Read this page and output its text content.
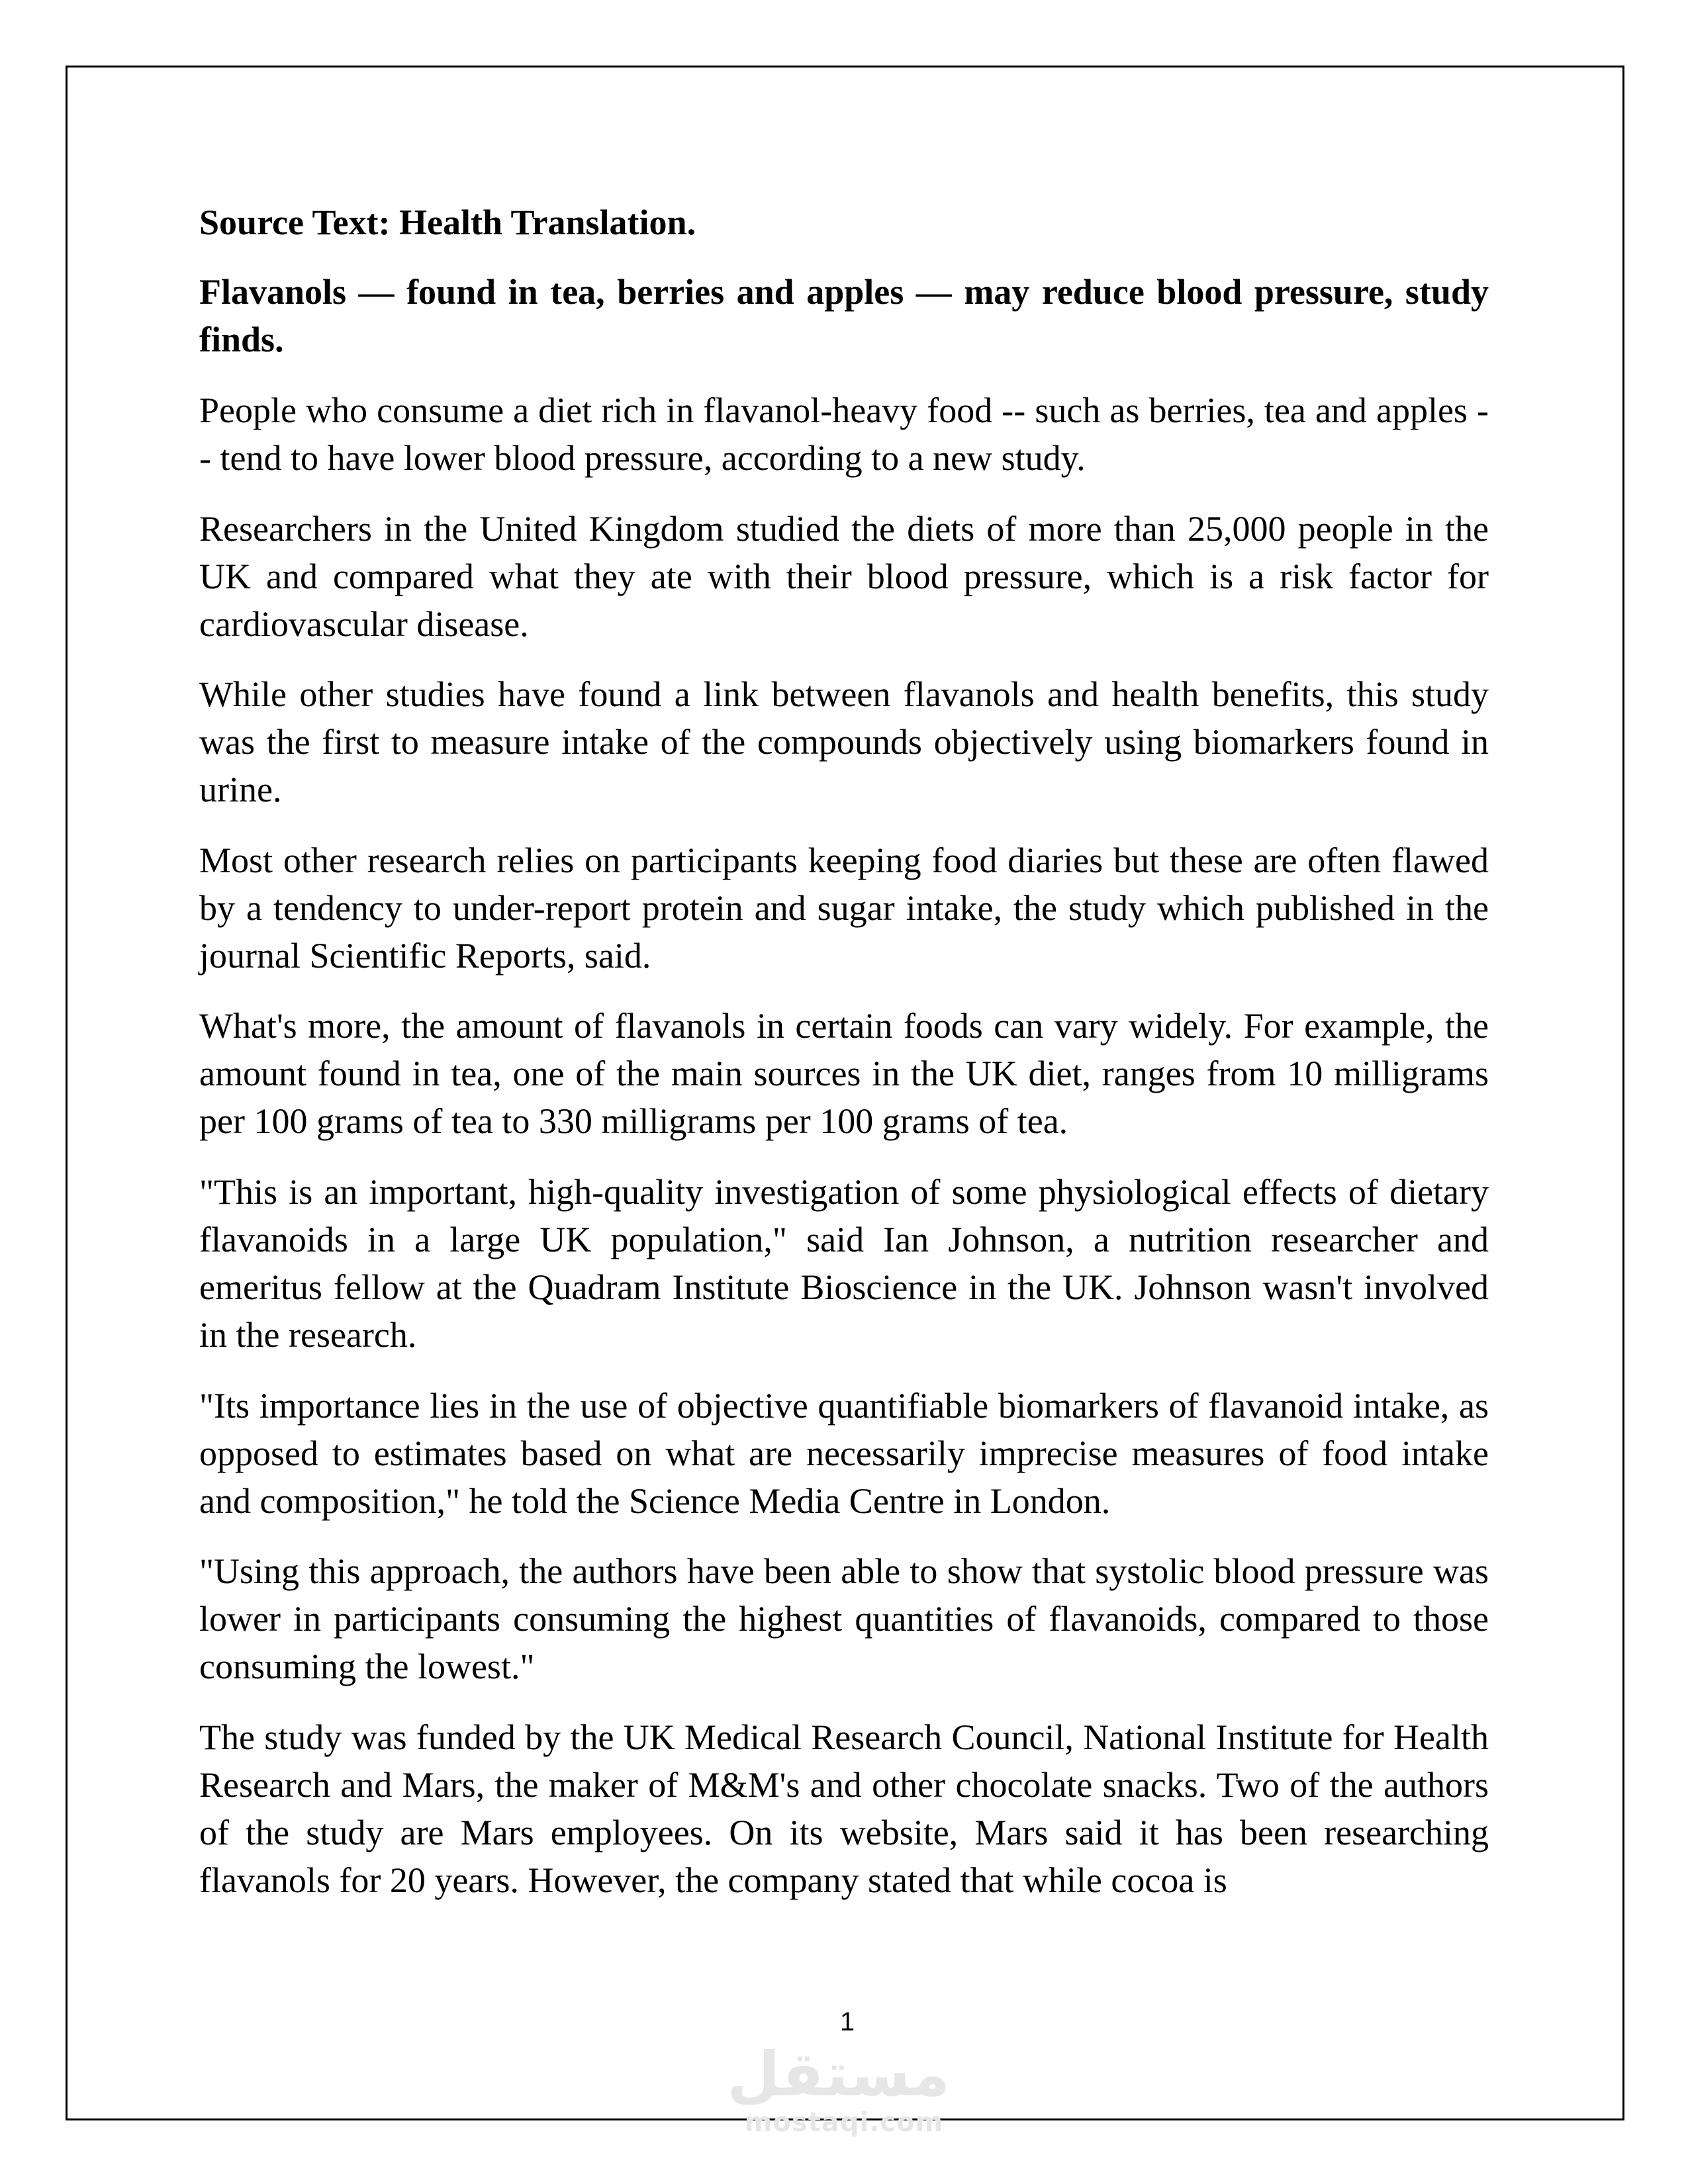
Source Text: Health Translation.
Flavanols — found in tea, berries and apples — may reduce blood pressure, study finds.

People who consume a diet rich in flavanol-heavy food -- such as berries, tea and apples -- tend to have lower blood pressure, according to a new study.

Researchers in the United Kingdom studied the diets of more than 25,000 people in the UK and compared what they ate with their blood pressure, which is a risk factor for cardiovascular disease.

While other studies have found a link between flavanols and health benefits, this study was the first to measure intake of the compounds objectively using biomarkers found in urine.

Most other research relies on participants keeping food diaries but these are often flawed by a tendency to under-report protein and sugar intake, the study which published in the journal Scientific Reports, said.

What's more, the amount of flavanols in certain foods can vary widely. For example, the amount found in tea, one of the main sources in the UK diet, ranges from 10 milligrams per 100 grams of tea to 330 milligrams per 100 grams of tea.

"This is an important, high-quality investigation of some physiological effects of dietary flavanoids in a large UK population," said Ian Johnson, a nutrition researcher and emeritus fellow at the Quadram Institute Bioscience in the UK. Johnson wasn't involved in the research.

"Its importance lies in the use of objective quantifiable biomarkers of flavanoid intake, as opposed to estimates based on what are necessarily imprecise measures of food intake and composition," he told the Science Media Centre in London.

"Using this approach, the authors have been able to show that systolic blood pressure was lower in participants consuming the highest quantities of flavanoids, compared to those consuming the lowest."

The study was funded by the UK Medical Research Council, National Institute for Health Research and Mars, the maker of M&M's and other chocolate snacks. Two of the authors of the study are Mars employees. On its website, Mars said it has been researching flavanols for 20 years. However, the company stated that while cocoa is

1
مستقل
mostaqi.com
